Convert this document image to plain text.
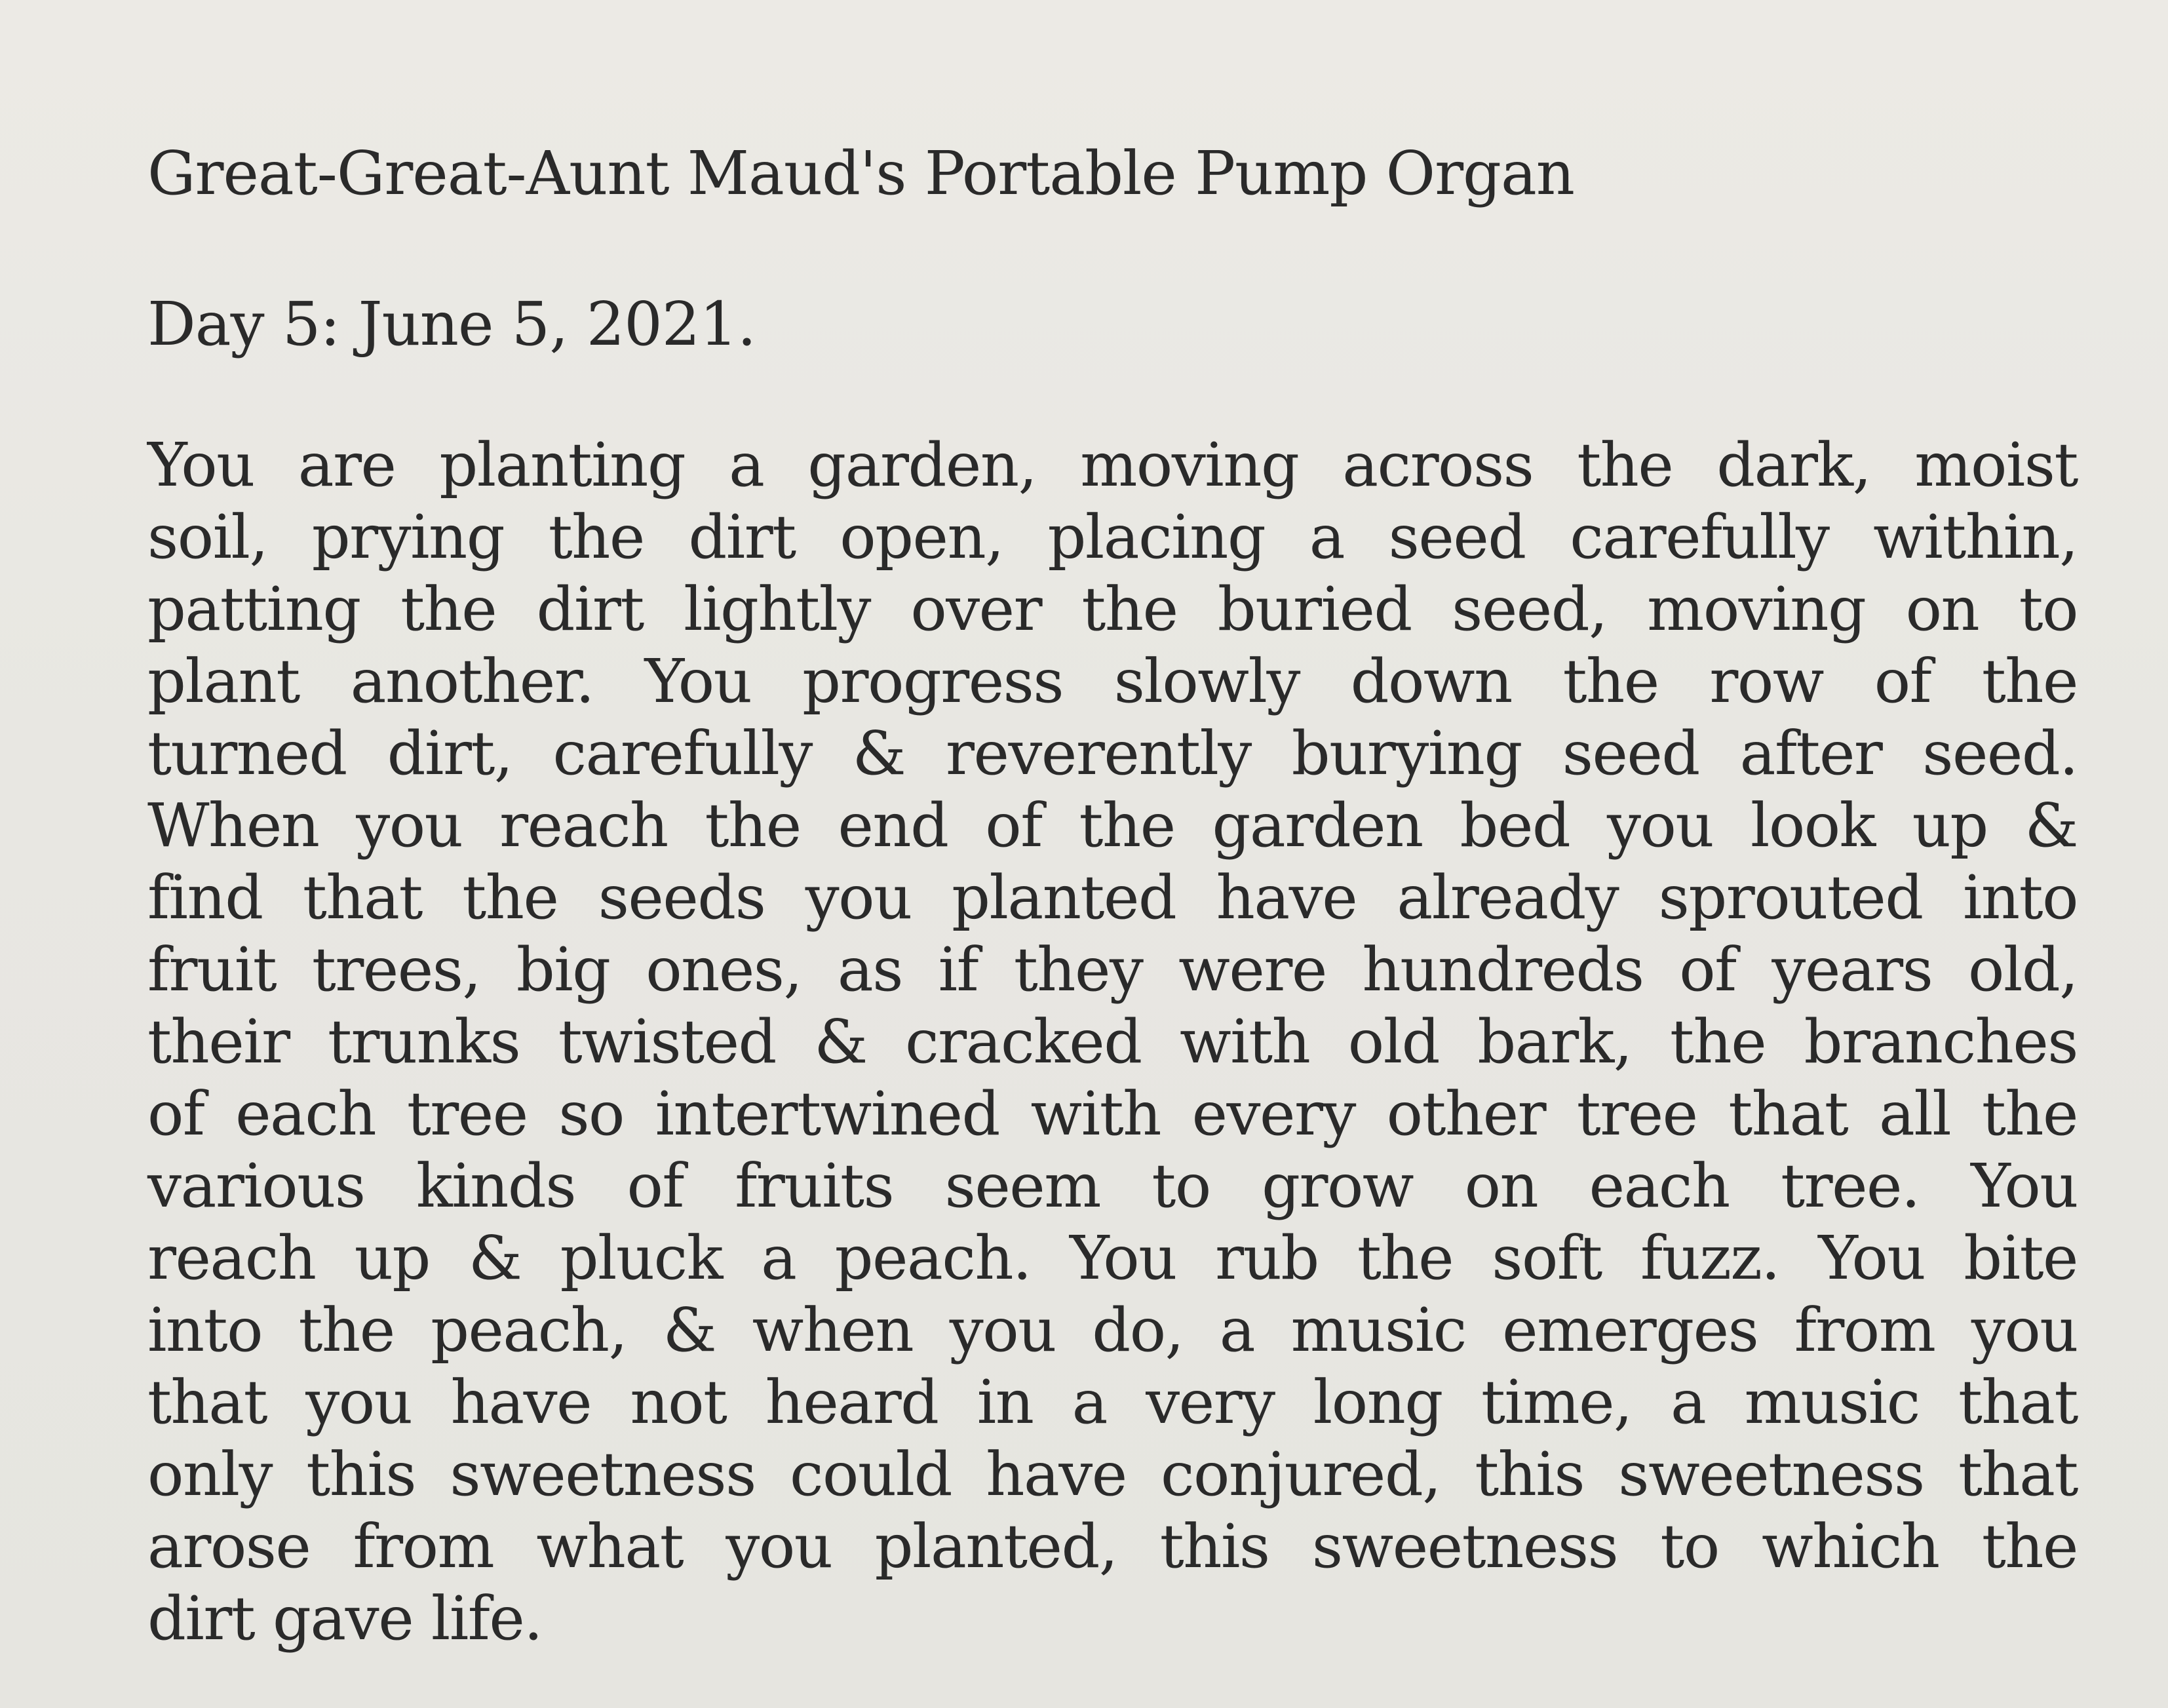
Great-Great-Aunt Maud's Portable Pump Organ
Day 5: June 5, 2021.
You are planting a garden, moving across the dark, moist
soil, prying the dirt open, placing a seed carefully within,
patting the dirt lightly over the buried seed, moving on to
plant another. You progress slowly down the row of the
turned dirt, carefully & reverently burying seed after seed.
When you reach the end of the garden bed you look up &
find that the seeds you planted have already sprouted into
fruit trees, big ones, as if they were hundreds of years old,
their trunks twisted & cracked with old bark, the branches
of each tree so intertwined with every other tree that all the
various kinds of fruits seem to grow on each tree. You
reach up & pluck a peach. You rub the soft fuzz. You bite
into the peach, & when you do, a music emerges from you
that you have not heard in a very long time, a music that
only this sweetness could have conjured, this sweetness that
arose from what you planted, this sweetness to which the
dirt gave life.
